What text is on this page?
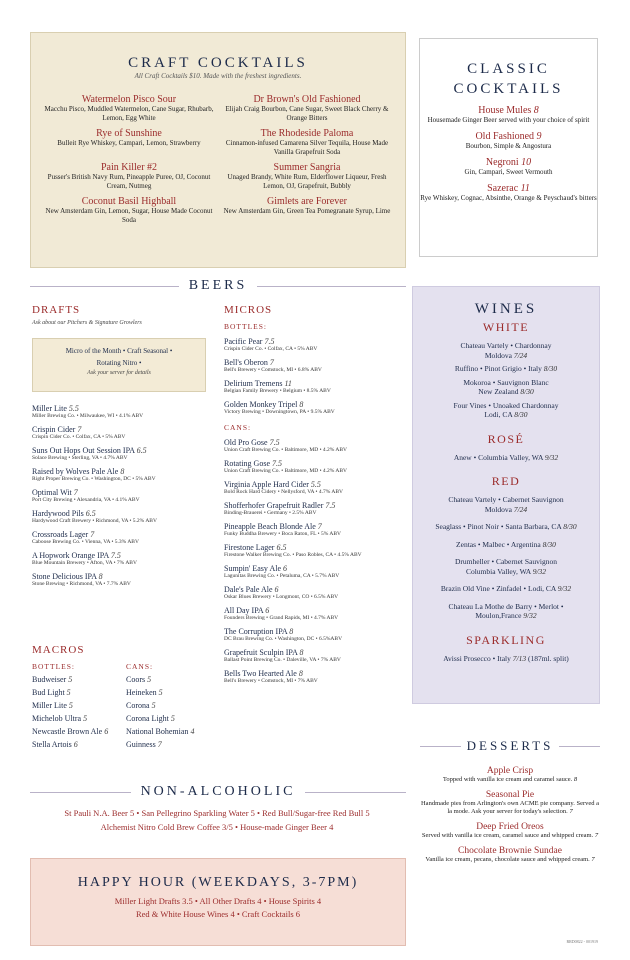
CRAFT COCKTAILS
All Craft Cocktails $10. Made with the freshest ingredients.
Watermelon Pisco Sour
Macchu Pisco, Muddled Watermelon, Cane Sugar, Rhubarb, Lemon, Egg White
Dr Brown's Old Fashioned
Elijah Craig Bourbon, Cane Sugar, Sweet Black Cherry & Orange Bitters
Rye of Sunshine
Bulleit Rye Whiskey, Campari, Lemon, Strawberry
The Rhodeside Paloma
Cinnamon-infused Camarena Silver Tequila, House Made Vanilla Grapefruit Soda
Pain Killer #2
Pusser's British Navy Rum, Pineapple Puree, OJ, Coconut Cream, Nutmeg
Summer Sangria
Unaged Brandy, White Rum, Elderflower Liqueur, Fresh Lemon, OJ, Grapefruit, Bubbly
Coconut Basil Highball
New Amsterdam Gin, Lemon, Sugar, House Made Coconut Soda
Gimlets are Forever
New Amsterdam Gin, Green Tea Pomegranate Syrup, Lime
CLASSIC
COCKTAILS
House Mules 8
Housemade Ginger Beer served with your choice of spirit
Old Fashioned 9
Bourbon, Simple & Angostura
Negroni 10
Gin, Campari, Sweet Vermouth
Sazerac 11
Rye Whiskey, Cognac, Absinthe, Orange & Peyschaud's bitters
BEERS
DRAFTS
Ask about our Pitchers & Signature Growlers
Micro of the Month • Craft Seasonal •
Rotating Nitro •
Ask your server for details
Miller Lite 5.5
Miller Brewing Co. • Milwaukee, WI • 4.1% ABV
Crispin Cider 7
Crispin Cider Co. • Colfax, CA • 5% ABV
Suns Out Hops Out Session IPA 6.5
Solace Brewing • Sterling, VA • 4.7% ABV
Raised by Wolves Pale Ale 8
Right Proper Brewing Co. • Washington, DC • 5% ABV
Optimal Wit 7
Port City Brewing • Alexandria, VA • 4.1% ABV
Hardywood Pils 6.5
Hardywood Craft Brewery • Richmond, VA • 5.2% ABV
Crossroads Lager 7
Caboose Brewing Co. • Vienna, VA • 5.3% ABV
A Hopwork Orange IPA 7.5
Blue Mountain Brewery • Afton, VA • 7% ABV
Stone Delicious IPA 8
Stone Brewing • Richmond, VA • 7.7% ABV
MACROS
BOTTLES:
Budweiser 5
Bud Light 5
Miller Lite 5
Michelob Ultra 5
Newcastle Brown Ale 6
Stella Artois 6
CANS:
Coors 5
Heineken 5
Corona 5
Corona Light 5
National Bohemian 4
Guinness 7
MICROS
BOTTLES:
Pacific Pear 7.5
Crispin Cider Co. • Colfax, CA • 5% ABV
Bell's Oberon 7
Bell's Brewery • Comstock, MI • 6.8% ABV
Delirium Tremens 11
Belgian Family Brewery • Belgium • 8.5% ABV
Golden Monkey Tripel 8
Victory Brewing • Downingtown, PA • 9.5% ABV
CANS:
Old Pro Gose 7.5
Union Craft Brewing Co. • Baltimore, MD • 4.2% ABV
Rotating Gose 7.5
Union Craft Brewing Co. • Baltimore, MD • 4.2% ABV
Virginia Apple Hard Cider 5.5
Bold Rock Hard Cidery • Nellysford, VA • 4.7% ABV
Shofferhofer Grapefruit Radler 7.5
Binding-Brauerei • Germany • 2.5% ABV
Pineapple Beach Blonde Ale 7
Funky Buddha Brewery • Boca Raton, FL • 5% ABV
Firestone Lager 6.5
Firestone Walker Brewing Co. • Paso Robles, CA • 4.5% ABV
Sumpin' Easy Ale 6
Lagunitas Brewing Co. • Petaluma, CA • 5.7% ABV
Dale's Pale Ale 6
Oskar Blues Brewery • Longmont, CO • 6.5% ABV
All Day IPA 6
Founders Brewing • Grand Rapids, MI • 4.7% ABV
The Corruption IPA 8
DC Brau Brewing Co. • Washington, DC • 6.5%ABV
Grapefruit Sculpin IPA 8
Ballast Point Brewing Co. • Daleville, VA • 7% ABV
Bells Two Hearted Ale 8
Bell's Brewery • Comstock, MI • 7% ABV
WINES
WHITE
Chateau Vartely • Chardonnay
Moldova 7/24
Ruffino • Pinot Grigio • Italy 8/30
Mokoroa • Sauvignon Blanc
New Zealand 8/30
Four Vines • Unoaked Chardonnay
Lodi, CA 8/30
ROSÉ
Anew • Columbia Valley, WA 9/32
RED
Chateau Vartely • Cabernet Sauvignon
Moldova 7/24
Seaglass • Pinot Noir • Santa Barbara, CA 8/30
Zentas • Malbec • Argentina 8/30
Drumheller • Cabernet Sauvignon
Columbia Valley, WA 9/32
Brazin Old Vine • Zinfadel • Lodi, CA 9/32
Chateau La Mothe de Barry • Merlot •
Moulon,France 9/32
SPARKLING
Avissi Prosecco • Italy 7/13 (187ml. split)
DESSERTS
Apple Crisp
Topped with vanilla ice cream and caramel sauce. 8
Seasonal Pie
Handmade pies from Arlington's own ACME pie company. Served a la mode. Ask your server for today's selection. 7
Deep Fried Oreos
Served with vanilla ice cream, caramel sauce and whipped cream. 7
Chocolate Brownie Sundae
Vanilla ice cream, pecans, chocolate sauce and whipped cream. 7
NON-ALCOHOLIC
St Pauli N.A. Beer 5 • San Pellegrino Sparkling Water 5 • Red Bull/Sugar-free Red Bull 5
Alchemist Nitro Cold Brew Coffee 3/5 • House-made Ginger Beer 4
HAPPY HOUR (WEEKDAYS, 3-7PM)
Miller Light Drafts 3.5 • All Other Drafts 4 • House Spirits 4
Red & White House Wines 4 • Craft Cocktails 6
RRD0822 - 001919
